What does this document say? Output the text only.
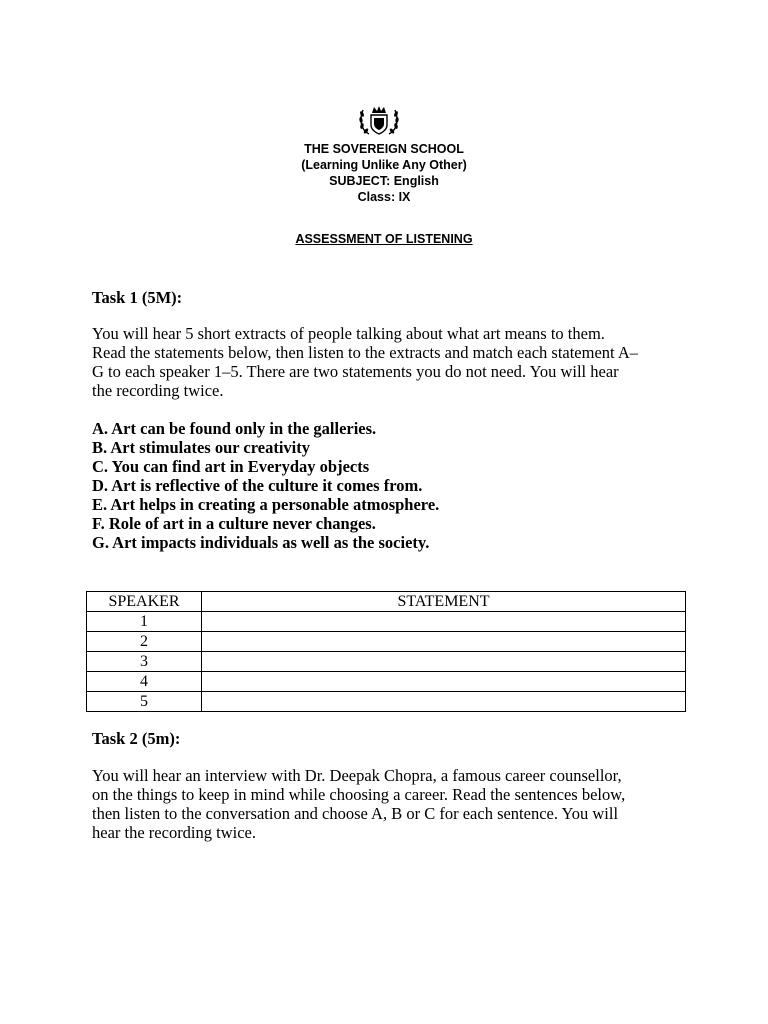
THE SOVEREIGN SCHOOL
(Learning Unlike Any Other)
SUBJECT: English
Class: IX
ASSESSMENT OF LISTENING
Task 1 (5M):
You will hear 5 short extracts of people talking about what art means to them.
Read the statements below, then listen to the extracts and match each statement A–
G to each speaker 1–5. There are two statements you do not need. You will hear
the recording twice.
A. Art can be found only in the galleries.
B. Art stimulates our creativity
C. You can find art in Everyday objects
D. Art is reflective of the culture it comes from.
E. Art helps in creating a personable atmosphere.
F. Role of art in a culture never changes.
G. Art impacts individuals as well as the society.
SPEAKER	STATEMENT
1	
2	
3	
4	
5	
Task 2 (5m):
You will hear an interview with Dr. Deepak Chopra, a famous career counsellor,
on the things to keep in mind while choosing a career. Read the sentences below,
then listen to the conversation and choose A, B or C for each sentence. You will
hear the recording twice.
